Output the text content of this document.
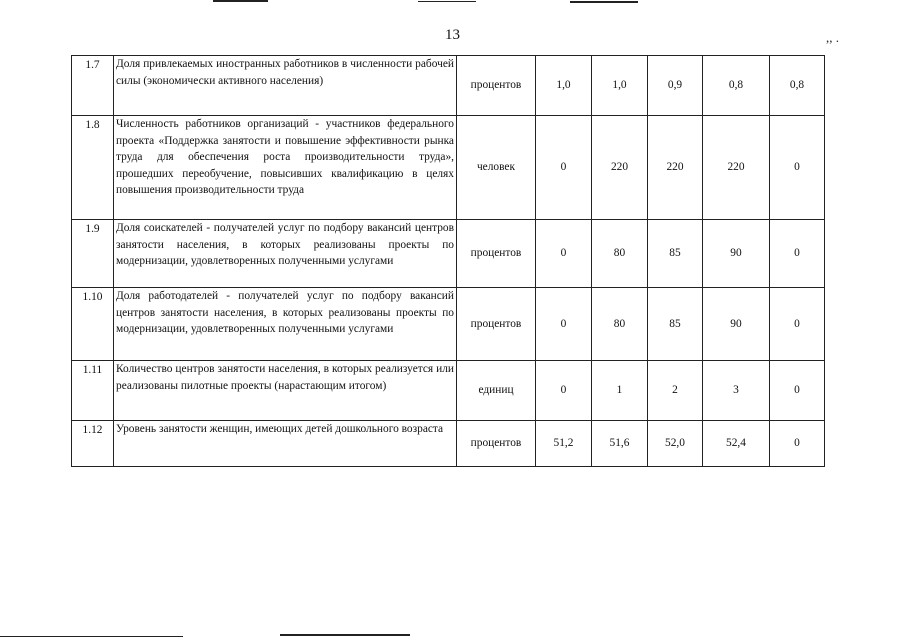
,, .
13
1.7	Доля привлекаемых иностранных работников в численности рабочей силы (экономически активного населения)	процентов	1,0	1,0	0,9	0,8	0,8
1.8	Численность работников организаций - участников федерального проекта «Поддержка занятости и повышение эффективности рынка труда для обеспечения роста производительности труда», прошедших переобучение, повысивших квалификацию в целях повышения производительности труда	человек	0	220	220	220	0
1.9	Доля соискателей - получателей услуг по подбору вакансий центров занятости населения, в которых реализованы проекты по модернизации, удовлетворенных полученными услугами	процентов	0	80	85	90	0
1.10	Доля работодателей - получателей услуг по подбору вакансий центров занятости населения, в которых реализованы проекты по модернизации, удовлетворенных полученными услугами	процентов	0	80	85	90	0
1.11	Количество центров занятости населения, в которых реализуется или реализованы пилотные проекты (нарастающим итогом)	единиц	0	1	2	3	0
1.12	Уровень занятости женщин, имеющих детей дошкольного возраста	процентов	51,2	51,6	52,0	52,4	0
